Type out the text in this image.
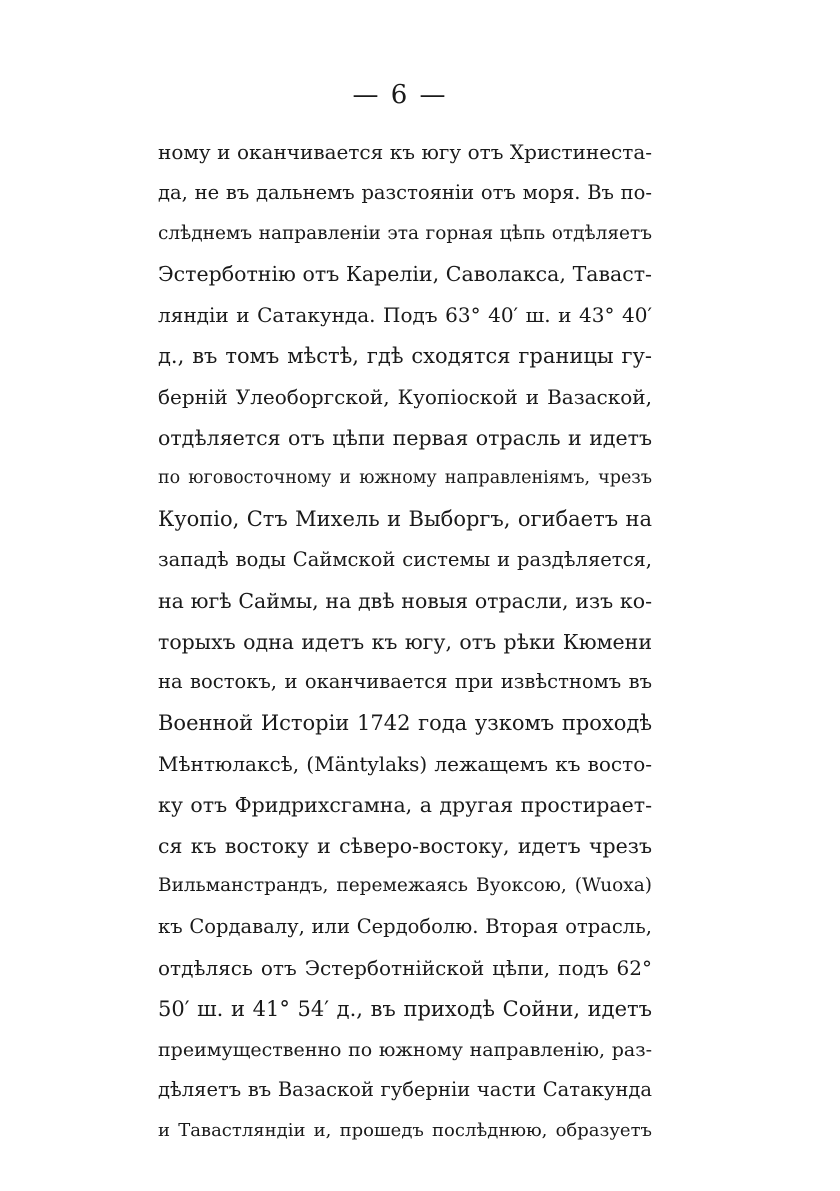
— 6 —
ному и оканчивается къ югу отъ Христинеста-
да, не въ дальнемъ разстоянiи отъ моря. Въ по-
слѣднемъ направленiи эта горная цѣпь отдѣляетъ
Эстерботнiю отъ Карелiи, Саволакса, Таваст-
ляндiи и Сатакунда. Подъ 63° 40′ ш. и 43° 40′
д., въ томъ мѣстѣ, гдѣ сходятся границы гу-
бернiй Улеоборгской, Куопiоской и Вазаской,
отдѣляется отъ цѣпи первая отрасль и идетъ
по юговосточному и южному направленiямъ, чрезъ
Куопiо, Стъ Михель и Выборгъ, огибаетъ на
западѣ воды Саймской системы и раздѣляется,
на югѣ Саймы, на двѣ новыя отрасли, изъ ко-
торыхъ одна идетъ къ югу, отъ рѣки Кюмени
на востокъ, и оканчивается при извѣстномъ въ
Военной Исторiи 1742 года узкомъ проходѣ
Мѣнтюлаксѣ, (Mäntylaks) лежащемъ къ восто-
ку отъ Фридрихсгамна, а другая простирает-
ся къ востоку и сѣверо-востоку, идетъ чрезъ
Вильманстрандъ, перемежаясь Вуоксою, (Wuoxa)
къ Сордавалу, или Сердоболю. Вторая отрасль,
отдѣлясь отъ Эстерботнiйской цѣпи, подъ 62°
50′ ш. и 41° 54′ д., въ приходѣ Сойни, идетъ
преимущественно по южному направленiю, раз-
дѣляетъ въ Вазаской губернiи части Сатакунда
и Тавастляндiи и, прошедъ послѣднюю, образуетъ
